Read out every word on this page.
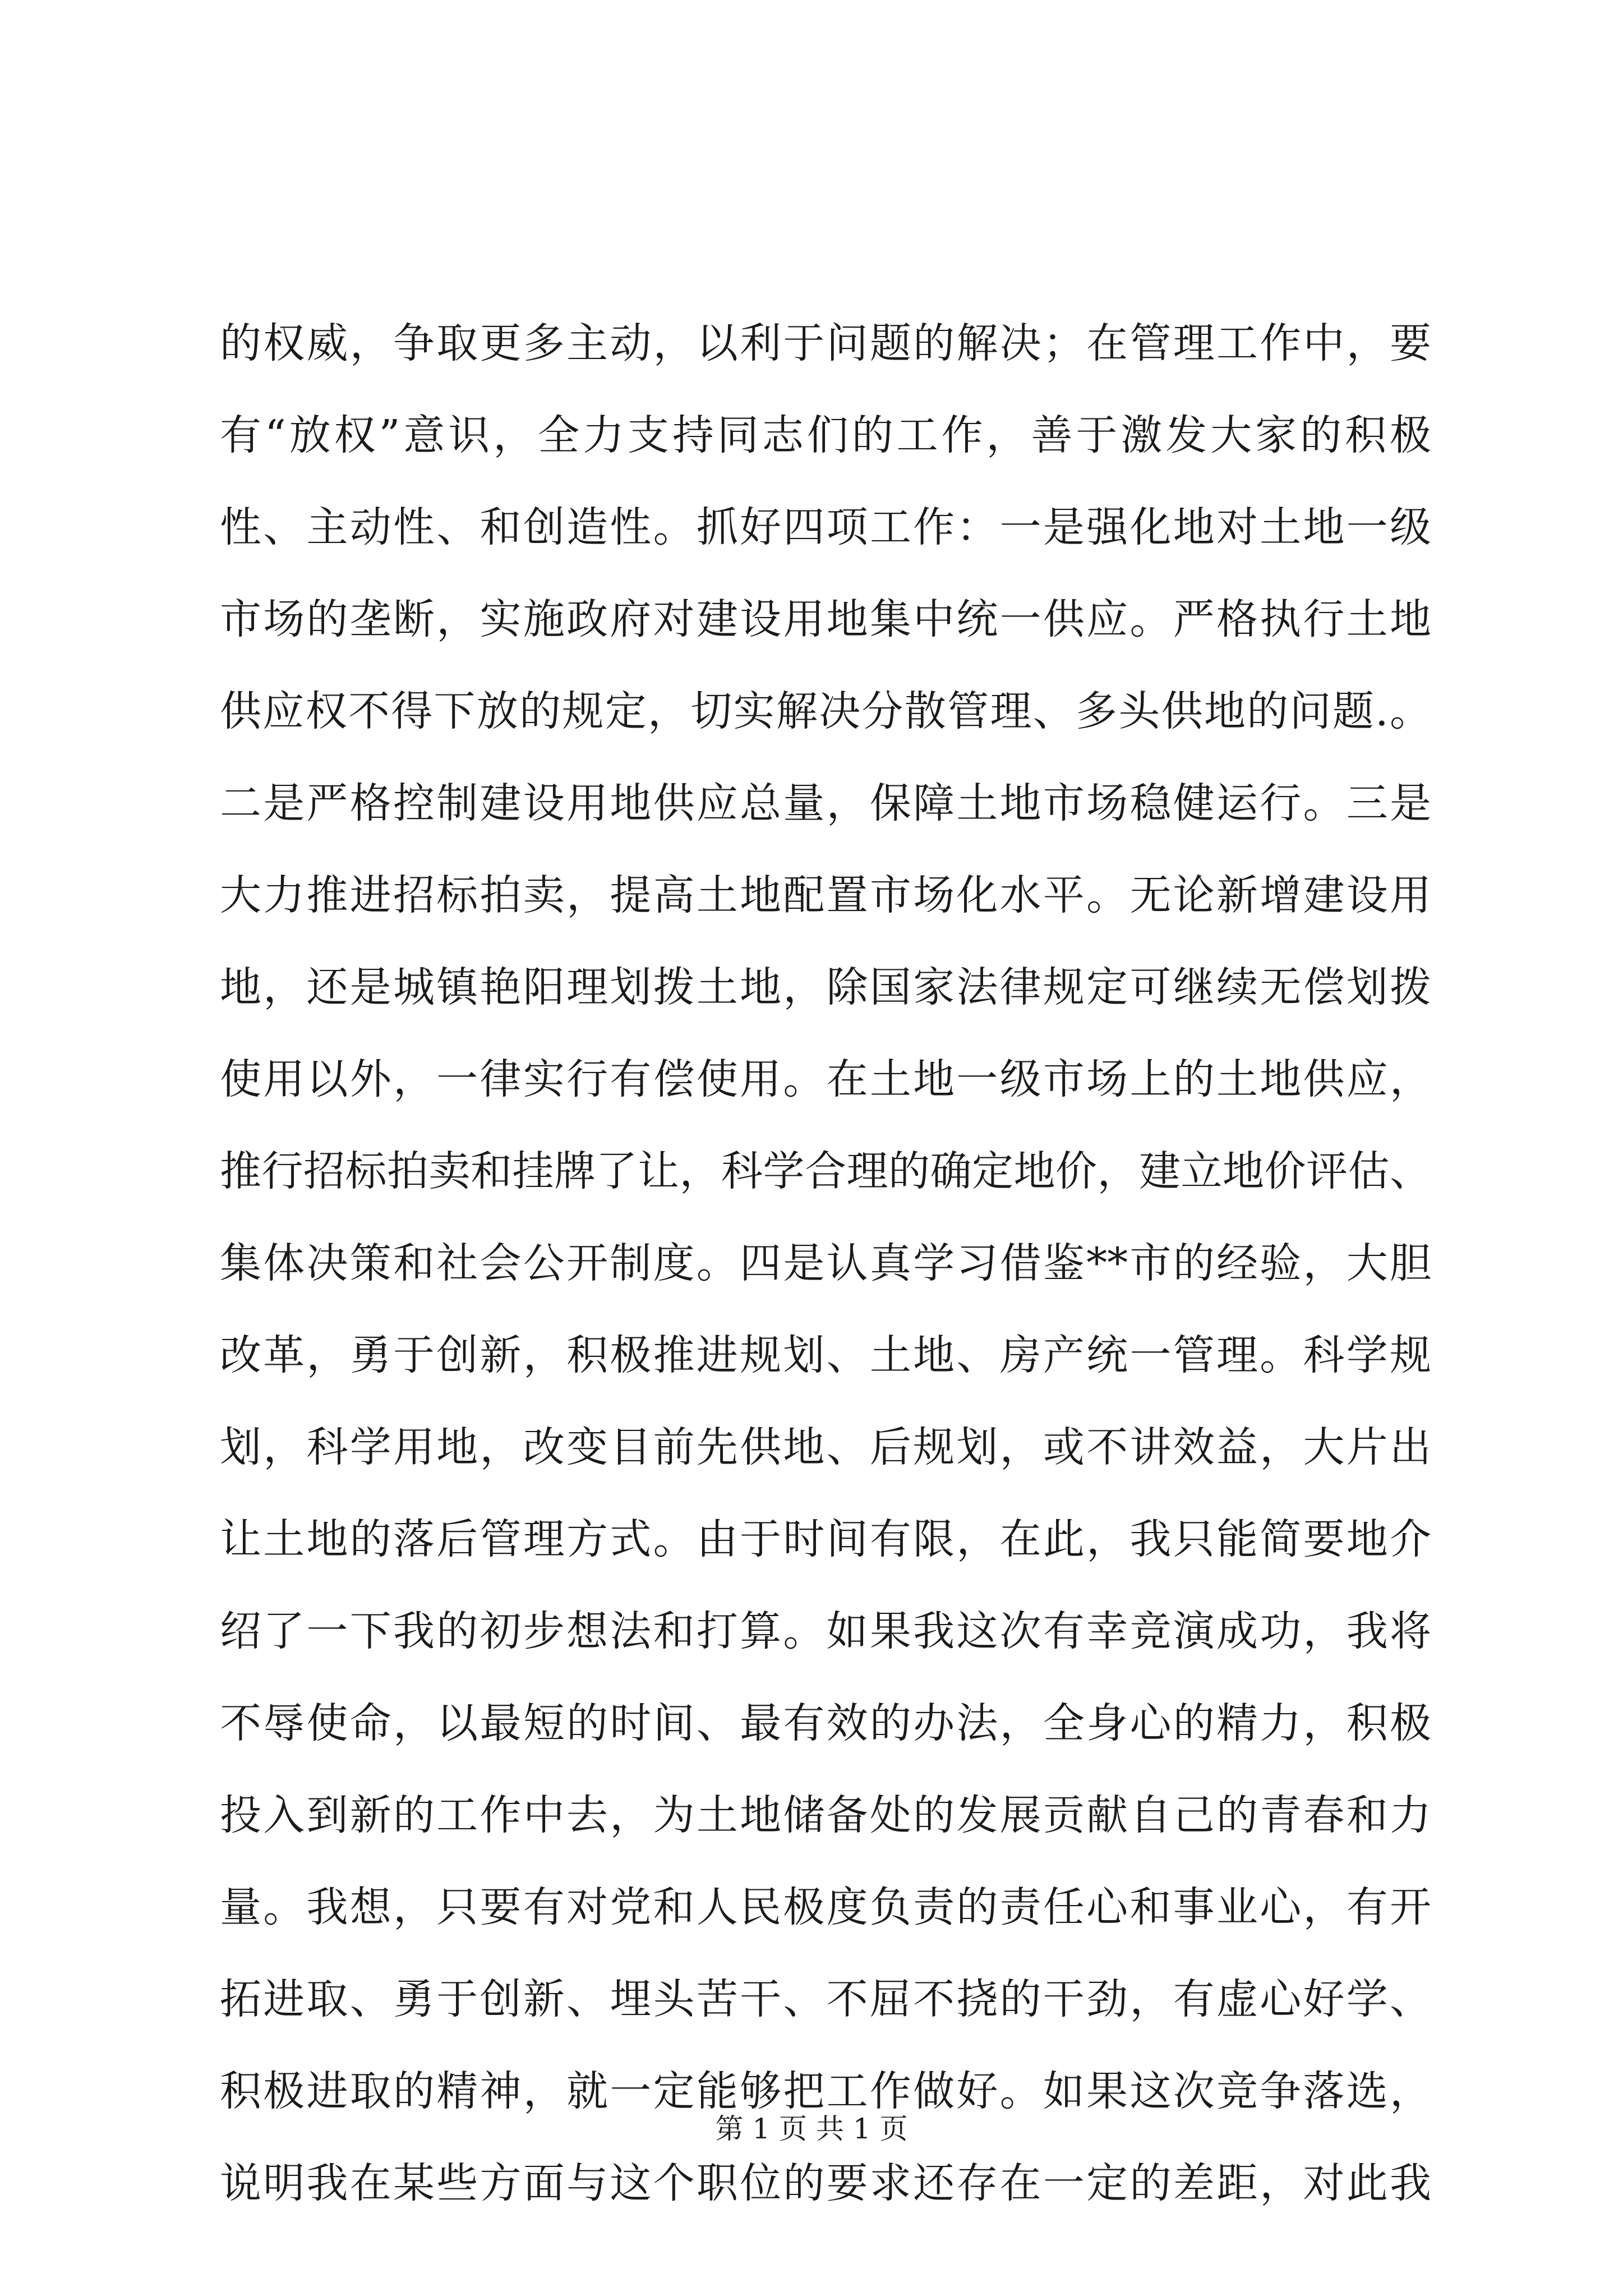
的权威，争取更多主动，以利于问题的解决；在管理工作中，要
有“放权”意识，全力支持同志们的工作，善于激发大家的积极
性、主动性、和创造性。抓好四项工作：一是强化地对土地一级
市场的垄断，实施政府对建设用地集中统一供应。严格执行土地
供应权不得下放的规定，切实解决分散管理、多头供地的问题.。
二是严格控制建设用地供应总量，保障土地市场稳健运行。三是
大力推进招标拍卖，提高土地配置市场化水平。无论新增建设用
地，还是城镇艳阳理划拨土地，除国家法律规定可继续无偿划拨
使用以外，一律实行有偿使用。在土地一级市场上的土地供应，
推行招标拍卖和挂牌了让，科学合理的确定地价，建立地价评估、
集体决策和社会公开制度。四是认真学习借鉴**市的经验，大胆
改革，勇于创新，积极推进规划、土地、房产统一管理。科学规
划，科学用地，改变目前先供地、后规划，或不讲效益，大片出
让土地的落后管理方式。由于时间有限，在此，我只能简要地介
绍了一下我的初步想法和打算。如果我这次有幸竞演成功，我将
不辱使命，以最短的时间、最有效的办法，全身心的精力，积极
投入到新的工作中去，为土地储备处的发展贡献自己的青春和力
量。我想，只要有对党和人民极度负责的责任心和事业心，有开
拓进取、勇于创新、埋头苦干、不屈不挠的干劲，有虚心好学、
积极进取的精神，就一定能够把工作做好。如果这次竞争落选，
说明我在某些方面与这个职位的要求还存在一定的差距，对此我
第 1 页 共 1 页
